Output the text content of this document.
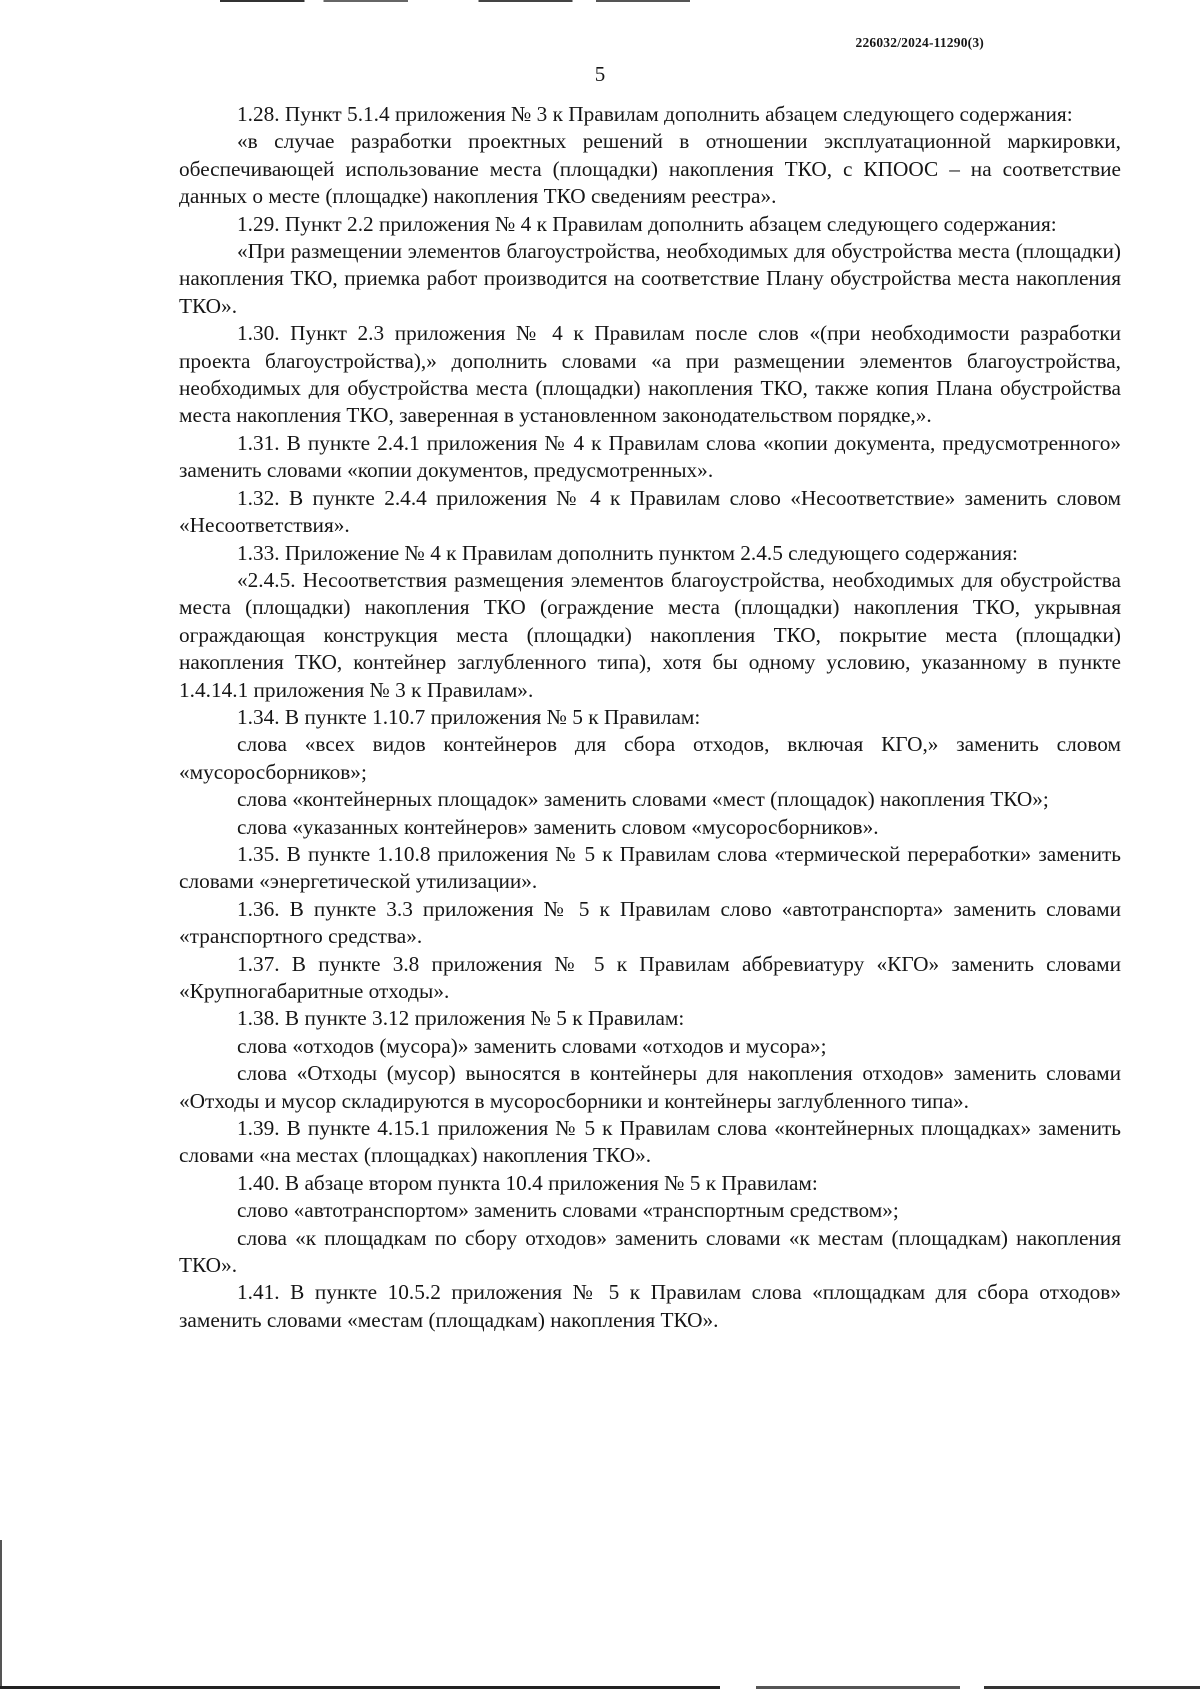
226032/2024-11290(3)
5

1.28. Пункт 5.1.4 приложения № 3 к Правилам дополнить абзацем следующего содержания:

«в случае разработки проектных решений в отношении эксплуатационной маркировки, обеспечивающей использование места (площадки) накопления ТКО, с КПООС – на соответствие данных о месте (площадке) накопления ТКО сведениям реестра».

1.29. Пункт 2.2 приложения № 4 к Правилам дополнить абзацем следующего содержания:

«При размещении элементов благоустройства, необходимых для обустройства места (площадки) накопления ТКО, приемка работ производится на соответствие Плану обустройства места накопления ТКО».

1.30. Пункт 2.3 приложения № 4 к Правилам после слов «(при необходимости разработки проекта благоустройства),» дополнить словами «а при размещении элементов благоустройства, необходимых для обустройства места (площадки) накопления ТКО, также копия Плана обустройства места накопления ТКО, заверенная в установленном законодательством порядке,».

1.31. В пункте 2.4.1 приложения № 4 к Правилам слова «копии документа, предусмотренного» заменить словами «копии документов, предусмотренных».

1.32. В пункте 2.4.4 приложения № 4 к Правилам слово «Несоответствие» заменить словом «Несоответствия».

1.33. Приложение № 4 к Правилам дополнить пунктом 2.4.5 следующего содержания:

«2.4.5. Несоответствия размещения элементов благоустройства, необходимых для обустройства места (площадки) накопления ТКО (ограждение места (площадки) накопления ТКО, укрывная ограждающая конструкция места (площадки) накопления ТКО, покрытие места (площадки) накопления ТКО, контейнер заглубленного типа), хотя бы одному условию, указанному в пункте 1.4.14.1 приложения № 3 к Правилам».

1.34. В пункте 1.10.7 приложения № 5 к Правилам:

слова «всех видов контейнеров для сбора отходов, включая КГО,» заменить словом «мусоросборников»;

слова «контейнерных площадок» заменить словами «мест (площадок) накопления ТКО»;

слова «указанных контейнеров» заменить словом «мусоросборников».

1.35. В пункте 1.10.8 приложения № 5 к Правилам слова «термической переработки» заменить словами «энергетической утилизации».

1.36. В пункте 3.3 приложения № 5 к Правилам слово «автотранспорта» заменить словами «транспортного средства».

1.37. В пункте 3.8 приложения № 5 к Правилам аббревиатуру «КГО» заменить словами «Крупногабаритные отходы».

1.38. В пункте 3.12 приложения № 5 к Правилам:

слова «отходов (мусора)» заменить словами «отходов и мусора»;

слова «Отходы (мусор) выносятся в контейнеры для накопления отходов» заменить словами «Отходы и мусор складируются в мусоросборники и контейнеры заглубленного типа».

1.39. В пункте 4.15.1 приложения № 5 к Правилам слова «контейнерных площадках» заменить словами «на местах (площадках) накопления ТКО».

1.40. В абзаце втором пункта 10.4 приложения № 5 к Правилам:

слово «автотранспортом» заменить словами «транспортным средством»;

слова «к площадкам по сбору отходов» заменить словами «к местам (площадкам) накопления ТКО».

1.41. В пункте 10.5.2 приложения № 5 к Правилам слова «площадкам для сбора отходов» заменить словами «местам (площадкам) накопления ТКО».
